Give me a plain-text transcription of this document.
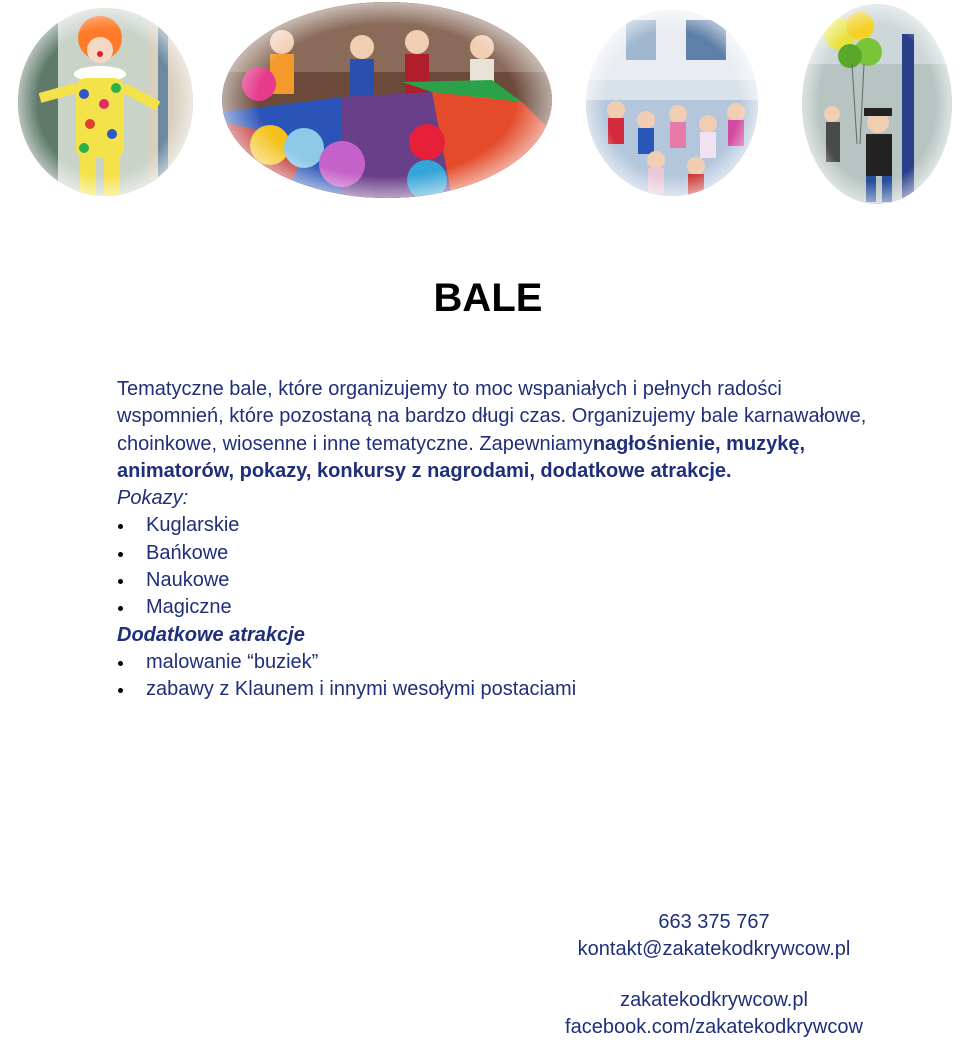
BALE

Tematyczne bale, które organizujemy to moc wspaniałych i pełnych radości wspomnień, które pozostaną na bardzo długi czas. Organizujemy bale karnawałowe, choinkowe, wiosenne i inne tematyczne. Zapewniamynagłośnienie, muzykę, animatorów, pokazy, konkursy z nagrodami, dodatkowe atrakcje.

Pokazy:

Kuglarskie
Bańkowe
Naukowe
Magiczne

Dodatkowe atrakcje

malowanie “buziek”
zabawy z Klaunem i innymi wesołymi postaciami
663 375 767
kontakt@zakatekodkrywcow.pl
zakatekodkrywcow.pl
facebook.com/zakatekodkrywcow
